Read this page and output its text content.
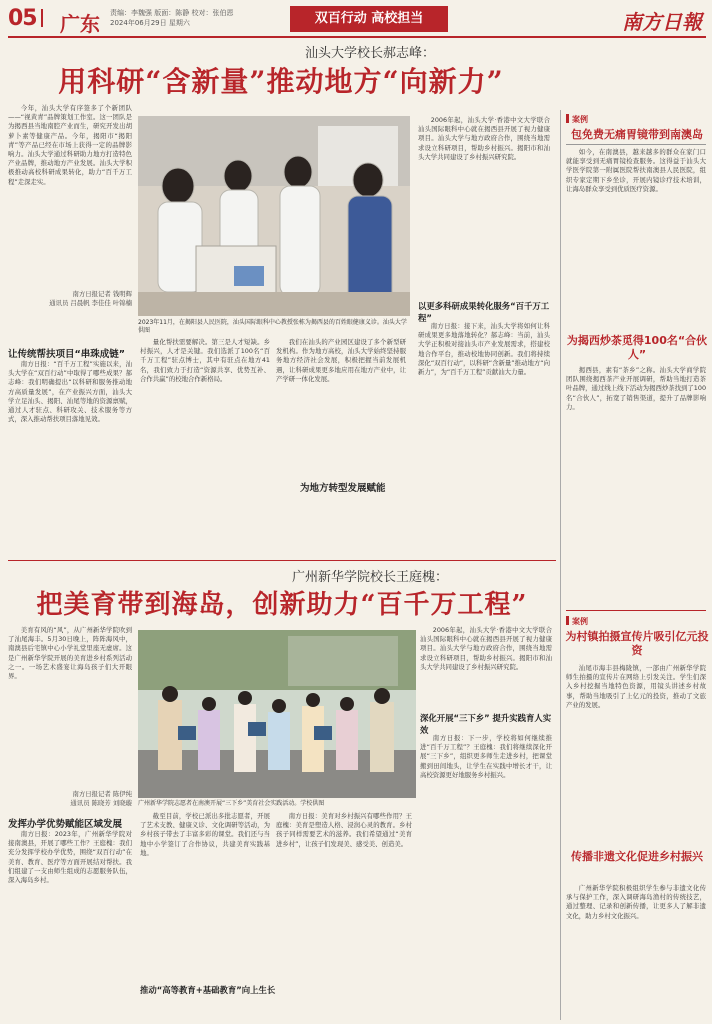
05	广东 责编：李魏强 版面：陈静 校对：张伯恩
2024年06月29日 星期六	双百行动 高校担当	南方日報
汕头大学校长郝志峰：
用科研“含新量”推动地方“向新力”

今年，汕头大学有序签多了个新团队——“视黄青”品牌策划工作室。这一团队是为揭西县当地南腔产业而生，研究开发出胡萝卜素等健康产品。今年，揭阳市“揭阳青”等产品已经在市场上获得一定的品牌影响力。汕头大学通过科研助力地方打造特色产业品牌，推动地方产业发展。汕头大学积极推动高校科研成果转化，助力“百千万工程”走深走实。

南方日报记者 钱明辉
通讯员 吕晨帆 李佳佳 叶锦楠
2023年11月，在揭阳县人民医院，汕头国际眼科中心教授张栋为揭西县的百姓眼健康义诊。汕头大学供图
让传统帮扶项目“串珠成链”

南方日报：“百千万工程”实施以来，汕头大学在“双百行动”中取得了哪些成果？郝志峰：我们明确提出“以科研和服务推动地方高质量发展”，在产业振兴方面，汕头大学立足汕头、揭阳、汕尾等地的资源禀赋，通过人才驻点、科研攻关、技术服务等方式，深入推动帮扶项目落地见效。

量化帮扶需要解决。第三是人才短缺。乡村振兴，人才是关键。我们选派了100名“百千万工程”驻点博士，其中有驻点在地方41名，我们致力于打造“资源共享、优势互补、合作共赢”的校地合作新格局。

我们在汕头的产业园区建设了多个新型研发机构。作为地方高校，汕头大学始终坚持服务地方经济社会发展，积极把握当前发展机遇，让科研成果更多地应用在地方产业中，让产学研一体化发展。

为地方转型发展赋能

2006年起，汕头大学·香港中文大学联合汕头国际眼科中心就在揭西县开展了视力健康项目。汕头大学与地方政府合作，围绕当地需求设立科研项目，帮助乡村振兴。揭阳市和汕头大学共同建设了乡村振兴研究院。

以更多科研成果转化服务“百千万工程”

南方日报：接下来，汕头大学将如何让科研成果更多地落地转化？郝志峰：当前，汕头大学正积极对接汕头市产业发展需求，搭建校地合作平台，推动校地协同创新。我们将持续深化“双百行动”，以科研“含新量”推动地方“向新力”，为“百千万工程”贡献汕大力量。

广州新华学院校长王庭槐：
把美育带到海岛，创新助力“百千万工程”

美育有风的“风”，从广州新华学院吹到了汕尾海丰。5月30日晚上，阵阵海风中，南澳县后宅镇中心小学礼堂里座无虚席。这是广州新华学院开展的美育进乡村系列活动之一。一场艺术盛宴让海岛孩子们大开眼界。

南方日报记者 陈伊纯
通讯员 陈晓芳 刘晓璇 广州新华学院志愿者在南澳开展“三下乡”美育社会实践活动。学校供图
发挥办学优势赋能区域发展

南方日报：2023年，广州新华学院对接南澳县，开展了哪些工作？王庭槐：我们充分发挥学校办学优势，围绕“双百行动”在美育、教育、医疗等方面开展结对帮扶。我们组建了一支由师生组成的志愿服务队伍，深入海岛乡村。

截至目前，学校已派出多批志愿者，开展了艺术支教、健康义诊、文化调研等活动，为乡村孩子带去了丰富多彩的课堂。我们还与当地中小学签订了合作协议，共建美育实践基地。

推动“高等教育+基础教育”向上生长

南方日报：美育对乡村振兴有哪些作用？王庭槐：美育是塑造人格、浸润心灵的教育。乡村孩子同样需要艺术的滋养。我们希望通过“美育进乡村”，让孩子们发现美、感受美、创造美。

深化开展“三下乡” 提升实践育人实效

2006年起，汕头大学·香港中文大学联合汕头国际眼科中心就在揭西县开展了视力健康项目。汕头大学与地方政府合作，围绕当地需求设立科研项目，帮助乡村振兴。揭阳市和汕头大学共同建设了乡村振兴研究院。

南方日报：下一步，学校将如何继续推进“百千万工程”？王庭槐：我们将继续深化开展“三下乡”，组织更多师生走进乡村，把课堂搬到田间地头，让学生在实践中增长才干，让高校资源更好地服务乡村振兴。

案例
包免费无痛胃镜带到南澳岛

如今，在南澳县，越来越多的群众在家门口就能享受到无痛胃镜检查服务。这得益于汕头大学医学院第一附属医院帮扶南澳县人民医院，组织专家定期下乡坐诊，开展内镜诊疗技术培训，让海岛群众享受到优质医疗资源。

为揭西炒茶觅得100名“合伙人”

揭西县，素有“茶乡”之称。汕头大学商学院团队围绕揭西茶产业开展调研，帮助当地打造茶叶品牌，通过线上线下活动为揭西炒茶找到了100名“合伙人”，拓宽了销售渠道，提升了品牌影响力。

案例
为村镇拍摄宣传片吸引亿元投资

汕尾市海丰县梅陇镇，一部由广州新华学院师生拍摄的宣传片在网络上引发关注。学生们深入乡村挖掘当地特色资源，用镜头讲述乡村故事，帮助当地吸引了上亿元的投资，推动了文旅产业的发展。

传播非遗文化促进乡村振兴

广州新华学院积极组织学生参与非遗文化传承与保护工作，深入调研海岛渔村的传统技艺，通过整理、记录和创新传播，让更多人了解非遗文化，助力乡村文化振兴。
